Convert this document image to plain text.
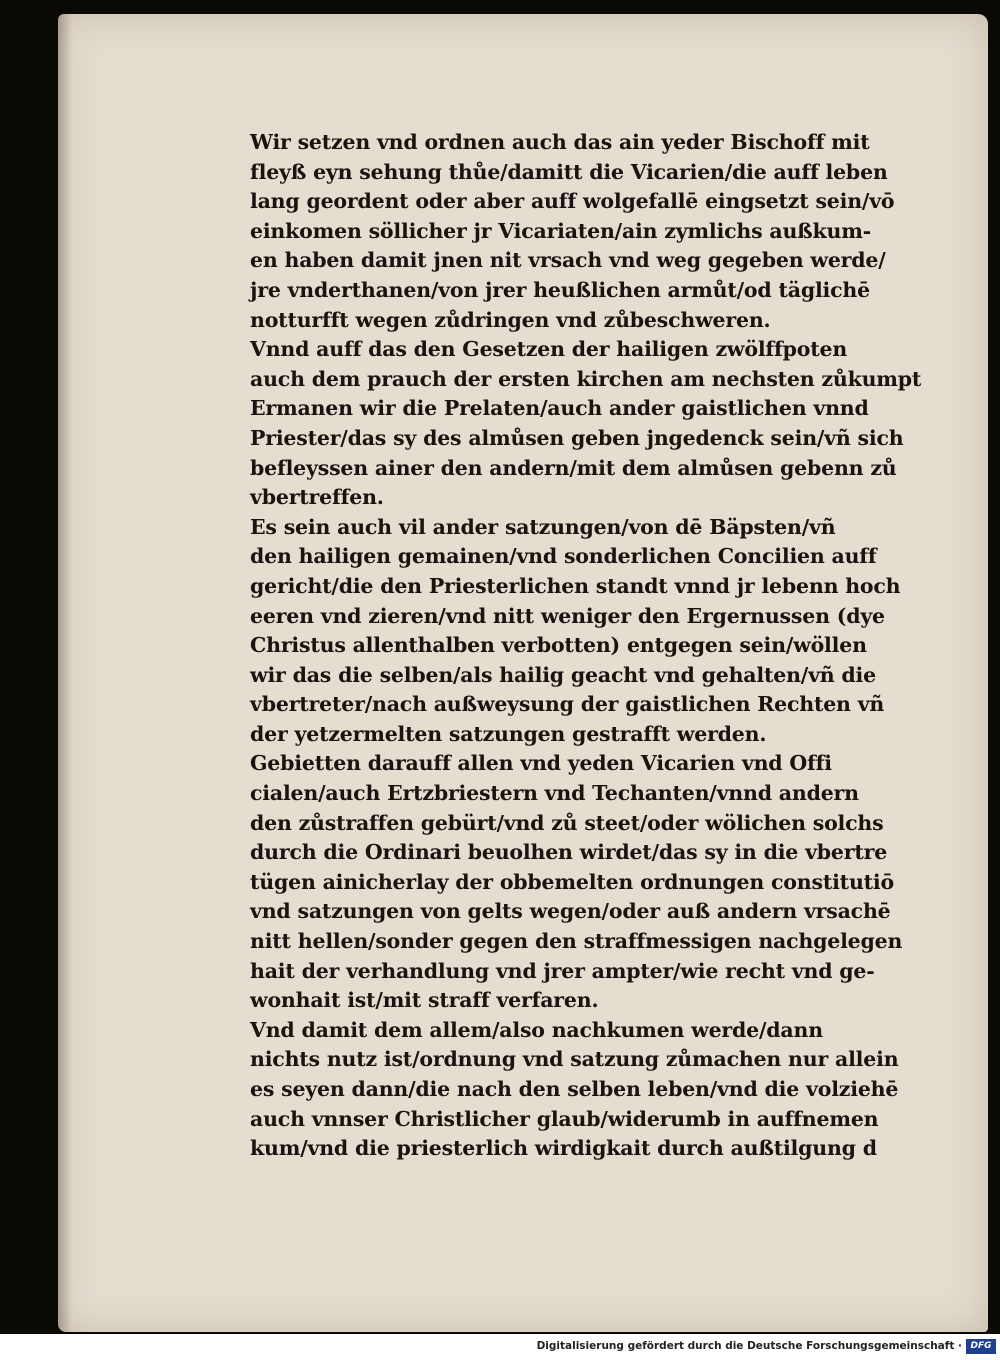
Wir setzen vnd ordnen auch das ain yeder Bischoff mit
fleyß eyn sehung thůe/damitt die Vicarien/die auff leben
lang geordent oder aber auff wolgefallē eingsetzt sein/vō
einkomen söllicher jr Vicariaten/ain zymlichs außkum-
en haben damit jnen nit vrsach vnd weg gegeben werde/
jre vnderthanen/von jrer heußlichen armůt/od täglichē
notturfft wegen zůdringen vnd zůbeschweren.
Vnnd auff das den Gesetzen der hailigen zwölffpoten
auch dem prauch der ersten kirchen am nechsten zůkumpt
Ermanen wir die Prelaten/auch ander gaistlichen vnnd
Priester/das sy des almůsen geben jngedenck sein/vñ sich
befleyssen ainer den andern/mit dem almůsen gebenn zů
vbertreffen.
Es sein auch vil ander satzungen/von dē Bäpsten/vñ
den hailigen gemainen/vnd sonderlichen Concilien auff
gericht/die den Priesterlichen standt vnnd jr lebenn hoch
eeren vnd zieren/vnd nitt weniger den Ergernussen (dye
Christus allenthalben verbotten) entgegen sein/wöllen
wir das die selben/als hailig geacht vnd gehalten/vñ die
vbertreter/nach außweysung der gaistlichen Rechten vñ
der yetzermelten satzungen gestrafft werden.
Gebietten darauff allen vnd yeden Vicarien vnd Offi
cialen/auch Ertzbriestern vnd Techanten/vnnd andern
den zůstraffen gebürt/vnd zů steet/oder wölichen solchs
durch die Ordinari beuolhen wirdet/das sy in die vbertre
tügen ainicherlay der obbemelten ordnungen constitutiō
vnd satzungen von gelts wegen/oder auß andern vrsachē
nitt hellen/sonder gegen den straffmessigen nachgelegen
hait der verhandlung vnd jrer ampter/wie recht vnd ge-
wonhait ist/mit straff verfaren.
Vnd damit dem allem/also nachkumen werde/dann
nichts nutz ist/ordnung vnd satzung zůmachen nur allein
es seyen dann/die nach den selben leben/vnd die volziehē
auch vnnser Christlicher glaub/widerumb in auffnemen
kum/vnd die priesterlich wirdigkait durch außtilgung d
Digitalisierung gefördert durch die Deutsche Forschungsgemeinschaft · DFG
